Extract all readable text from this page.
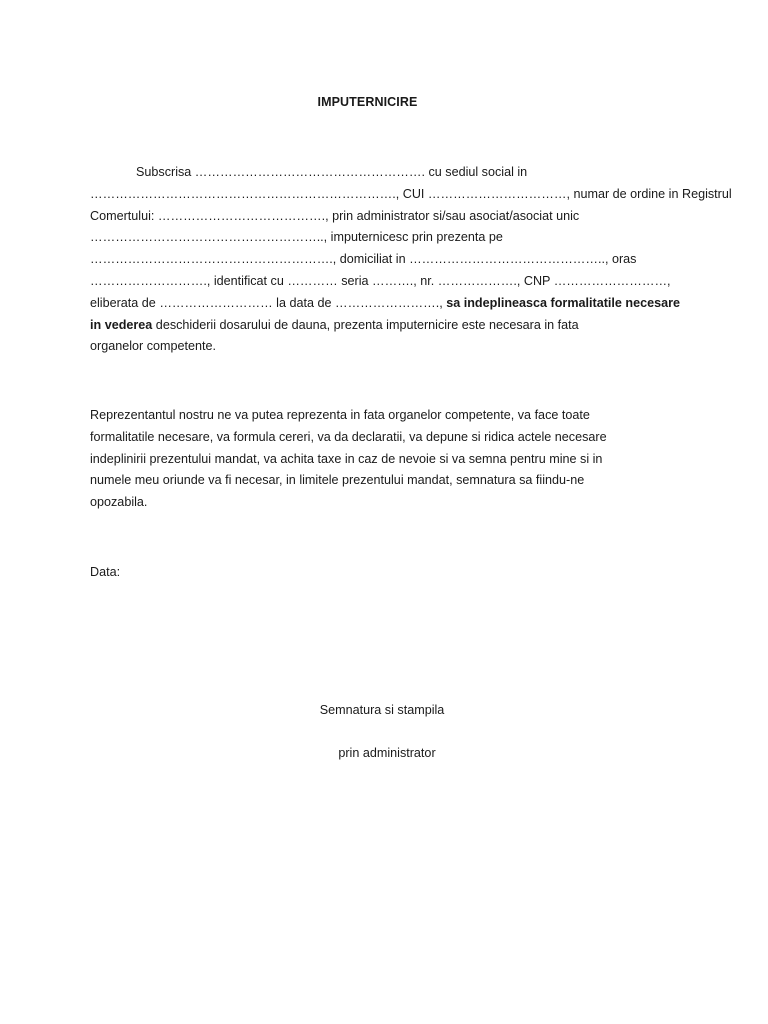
IMPUTERNICIRE
Subscrisa ………………………………………………. cu sediul social in
………………………………………………………………., CUI ……………………………, numar de ordine in Registrul
Comertului: …………………………………., prin administrator si/sau asociat/asociat unic
……………………………………………….., imputernicesc prin prezenta pe
…………………………………………………., domiciliat in ……………………………………….., oras
………………………., identificat cu ………… seria ………., nr. ………………., CNP ………………………,
eliberata de ……………………… la data de ……………………., sa indeplineasca formalitatile necesare
in vederea deschiderii dosarului de dauna, prezenta imputernicire este necesara in fata
organelor competente.
Reprezentantul nostru ne va putea reprezenta in fata organelor competente, va face toate
formalitatile necesare, va formula cereri, va da declaratii, va depune si ridica actele necesare
indeplinirii prezentului mandat, va achita taxe in caz de nevoie si va semna pentru mine si in
numele meu oriunde va fi necesar, in limitele prezentului mandat, semnatura sa fiindu-ne
opozabila.
Data:
Semnatura si stampila
prin administrator
